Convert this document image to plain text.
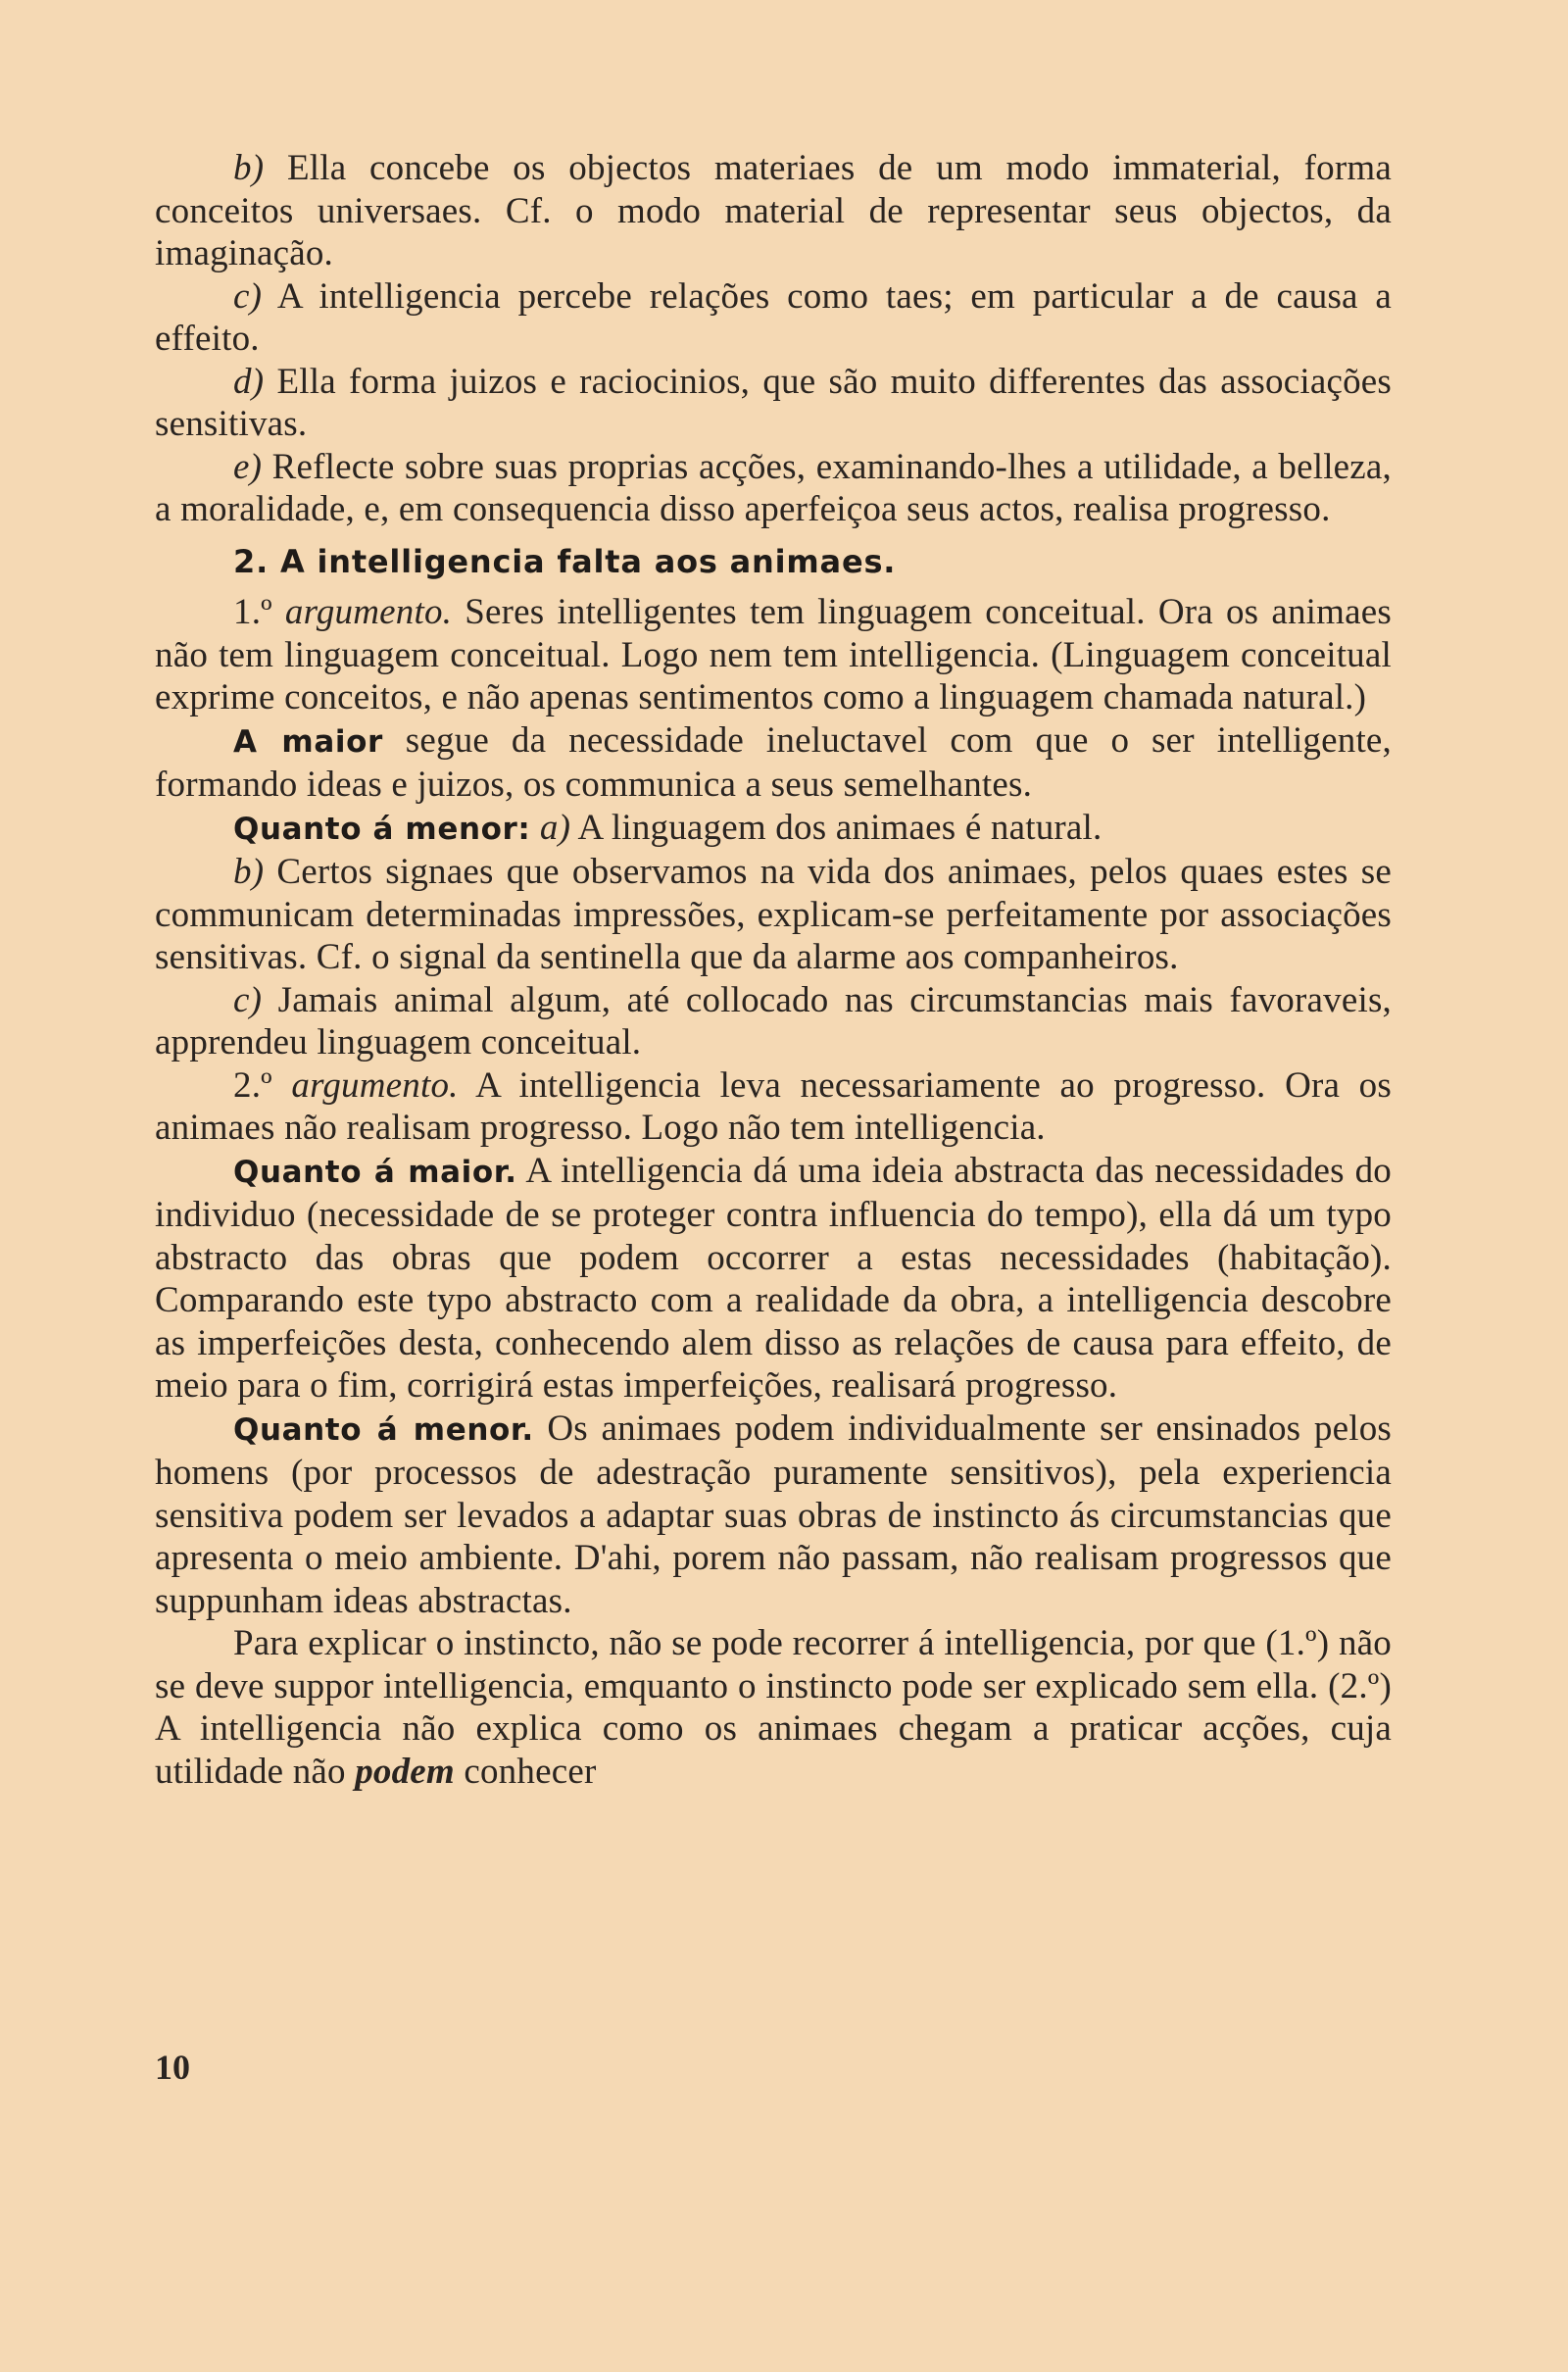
b) Ella concebe os objectos materiaes de um modo immaterial, forma conceitos universaes. Cf. o modo material de representar seus objectos, da imaginação.

c) A intelligencia percebe relações como taes; em particular a de causa a effeito.

d) Ella forma juizos e raciocinios, que são muito differentes das associações sensitivas.

e) Reflecte sobre suas proprias acções, examinando-lhes a utilidade, a belleza, a moralidade, e, em consequencia disso aperfeiçoa seus actos, realisa progresso.

2. A intelligencia falta aos animaes.

1.º argumento. Seres intelligentes tem linguagem conceitual. Ora os animaes não tem linguagem conceitual. Logo nem tem intelligencia. (Linguagem conceitual exprime conceitos, e não apenas sentimentos como a linguagem chamada natural.)

A maior segue da necessidade ineluctavel com que o ser intelligente, formando ideas e juizos, os communica a seus semelhantes.

Quanto á menor: a) A linguagem dos animaes é natural.

b) Certos signaes que observamos na vida dos animaes, pelos quaes estes se communicam determinadas impressões, explicam-se perfeitamente por associações sensitivas. Cf. o signal da sentinella que da alarme aos companheiros.

c) Jamais animal algum, até collocado nas circumstancias mais favoraveis, apprendeu linguagem conceitual.

2.º argumento. A intelligencia leva necessariamente ao progresso. Ora os animaes não realisam progresso. Logo não tem intelligencia.

Quanto á maior. A intelligencia dá uma ideia abstracta das necessidades do individuo (necessidade de se proteger contra influencia do tempo), ella dá um typo abstracto das obras que podem occorrer a estas necessidades (habitação). Comparando este typo abstracto com a realidade da obra, a intelligencia descobre as imperfeições desta, conhecendo alem disso as relações de causa para effeito, de meio para o fim, corrigirá estas imperfeições, realisará progresso.

Quanto á menor. Os animaes podem individualmente ser ensinados pelos homens (por processos de adestração puramente sensitivos), pela experiencia sensitiva podem ser levados a adaptar suas obras de instincto ás circumstancias que apresenta o meio ambiente. D'ahi, porem não passam, não realisam progressos que suppunham ideas abstractas.

Para explicar o instincto, não se pode recorrer á intelligencia, por que (1.º) não se deve suppor intelligencia, emquanto o instincto pode ser explicado sem ella. (2.º) A intelligencia não explica como os animaes chegam a praticar acções, cuja utilidade não podem conhecer

10
